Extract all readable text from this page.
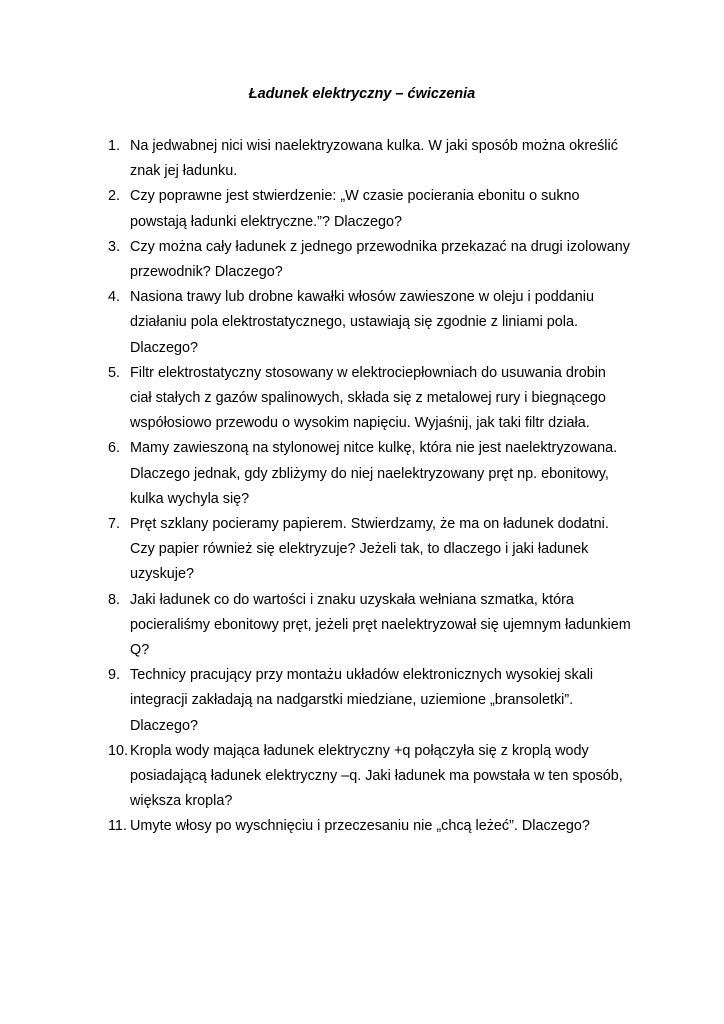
Ładunek elektryczny – ćwiczenia
1. Na jedwabnej nici wisi naelektryzowana kulka. W jaki sposób można określić
znak jej ładunku.
2. Czy poprawne jest stwierdzenie: „W czasie pocierania ebonitu o sukno
powstają ładunki elektryczne.”? Dlaczego?
3. Czy można cały ładunek z jednego przewodnika przekazać na drugi izolowany
przewodnik? Dlaczego?
4. Nasiona trawy lub drobne kawałki włosów zawieszone w oleju i poddaniu
działaniu pola elektrostatycznego, ustawiają się zgodnie z liniami pola.
Dlaczego?
5. Filtr elektrostatyczny stosowany w elektrociepłowniach do usuwania drobin
ciał stałych z gazów spalinowych, składa się z metalowej rury i biegnącego
współosiowo przewodu o wysokim napięciu. Wyjaśnij, jak taki filtr działa.
6. Mamy zawieszoną na stylonowej nitce kulkę, która nie jest naelektryzowana.
Dlaczego jednak, gdy zbliżymy do niej naelektryzowany pręt np. ebonitowy,
kulka wychyla się?
7. Pręt szklany pocieramy papierem. Stwierdzamy, że ma on ładunek dodatni.
Czy papier również się elektryzuje? Jeżeli tak, to dlaczego i jaki ładunek
uzyskuje?
8. Jaki ładunek co do wartości i znaku uzyskała wełniana szmatka, która
pocieraliśmy ebonitowy pręt, jeżeli pręt naelektryzował się ujemnym ładunkiem
Q?
9. Technicy pracujący przy montażu układów elektronicznych wysokiej skali
integracji zakładają na nadgarstki miedziane, uziemione „bransoletki”.
Dlaczego?
10. Kropla wody mająca ładunek elektryczny +q połączyła się z kroplą wody
posiadającą ładunek elektryczny –q. Jaki ładunek ma powstała w ten sposób,
większa kropla?
11. Umyte włosy po wyschnięciu i przeczesaniu nie „chcą leżeć”. Dlaczego?
